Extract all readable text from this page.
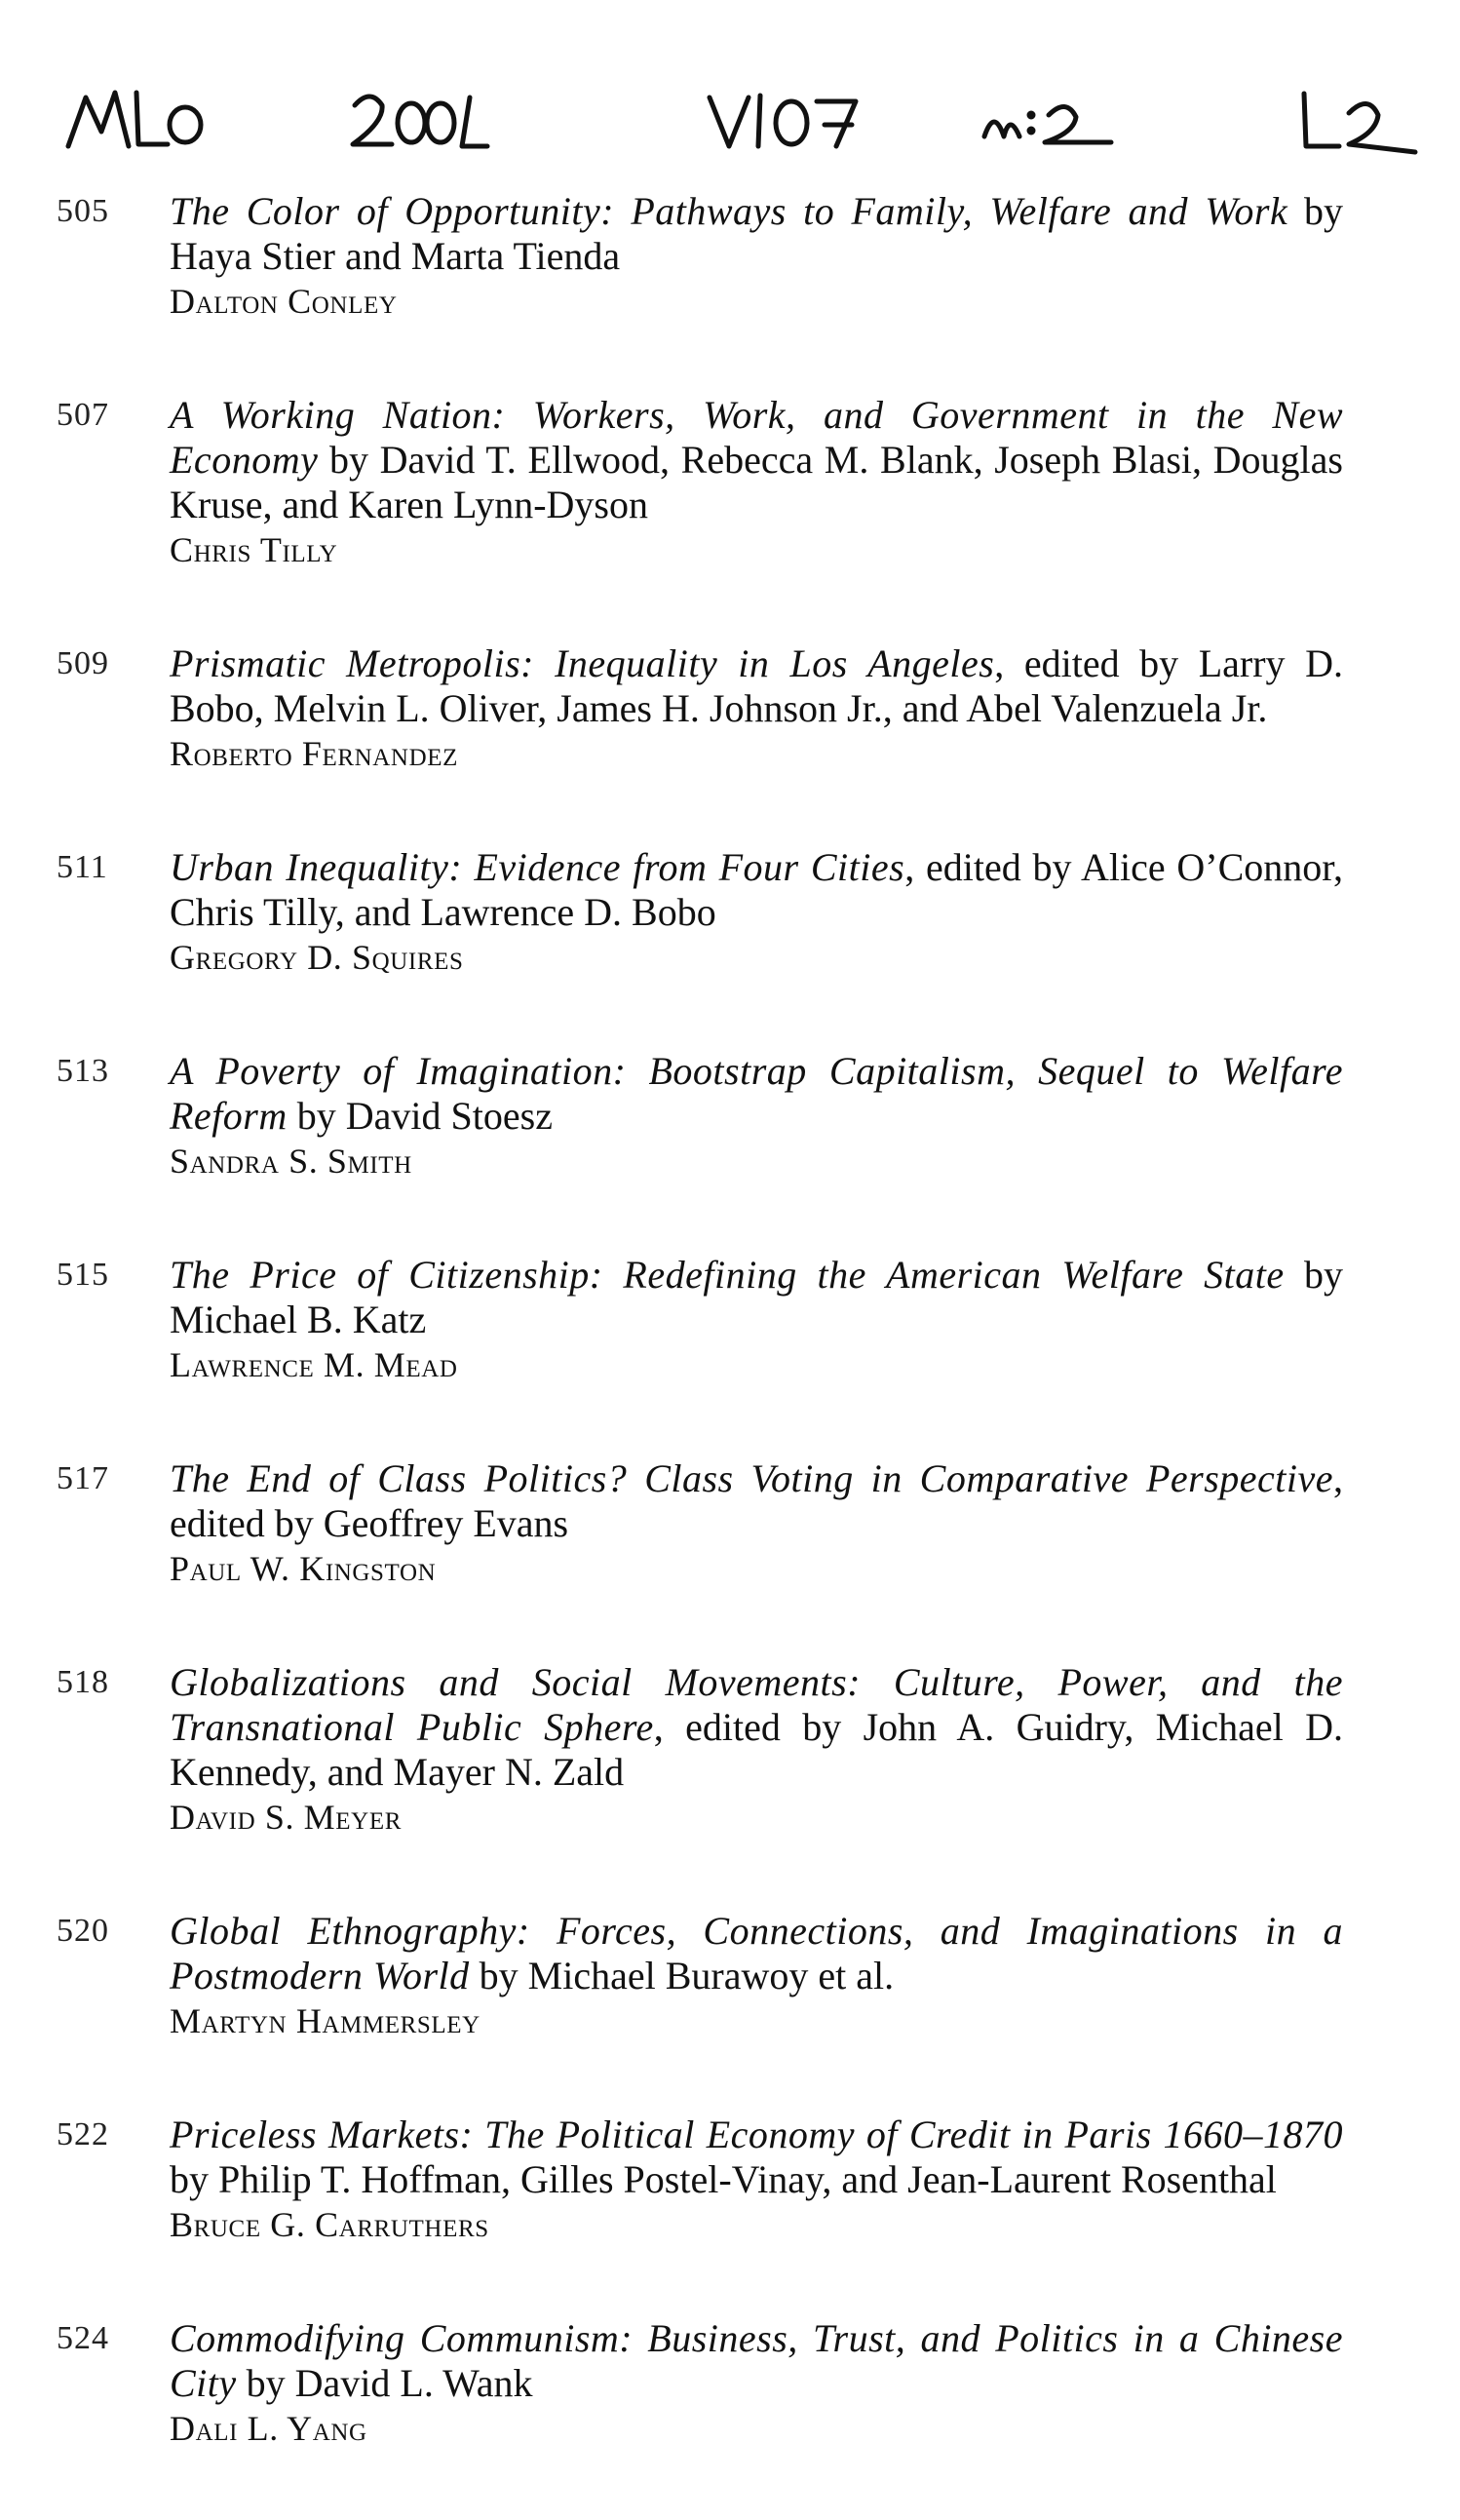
505	The Color of Opportunity: Pathways to Family, Welfare and Work by Haya Stier and Marta Tienda
Dalton Conley
507	A Working Nation: Workers, Work, and Government in the New Economy by David T. Ellwood, Rebecca M. Blank, Joseph Blasi, Douglas Kruse, and Karen Lynn-Dyson
Chris Tilly
509	Prismatic Metropolis: Inequality in Los Angeles, edited by Larry D. Bobo, Melvin L. Oliver, James H. Johnson Jr., and Abel Valenzuela Jr.
Roberto Fernandez
511	Urban Inequality: Evidence from Four Cities, edited by Alice O’Connor, Chris Tilly, and Lawrence D. Bobo
Gregory D. Squires
513	A Poverty of Imagination: Bootstrap Capitalism, Sequel to Welfare Reform by David Stoesz
Sandra S. Smith
515	The Price of Citizenship: Redefining the American Welfare State by Michael B. Katz
Lawrence M. Mead
517	The End of Class Politics? Class Voting in Comparative Perspective, edited by Geoffrey Evans
Paul W. Kingston
518	Globalizations and Social Movements: Culture, Power, and the Transnational Public Sphere, edited by John A. Guidry, Michael D. Kennedy, and Mayer N. Zald
David S. Meyer
520	Global Ethnography: Forces, Connections, and Imaginations in a Postmodern World by Michael Burawoy et al.
Martyn Hammersley
522	Priceless Markets: The Political Economy of Credit in Paris 1660–1870 by Philip T. Hoffman, Gilles Postel-Vinay, and Jean-Laurent Rosenthal
Bruce G. Carruthers
524	Commodifying Communism: Business, Trust, and Politics in a Chinese City by David L. Wank
Dali L. Yang
